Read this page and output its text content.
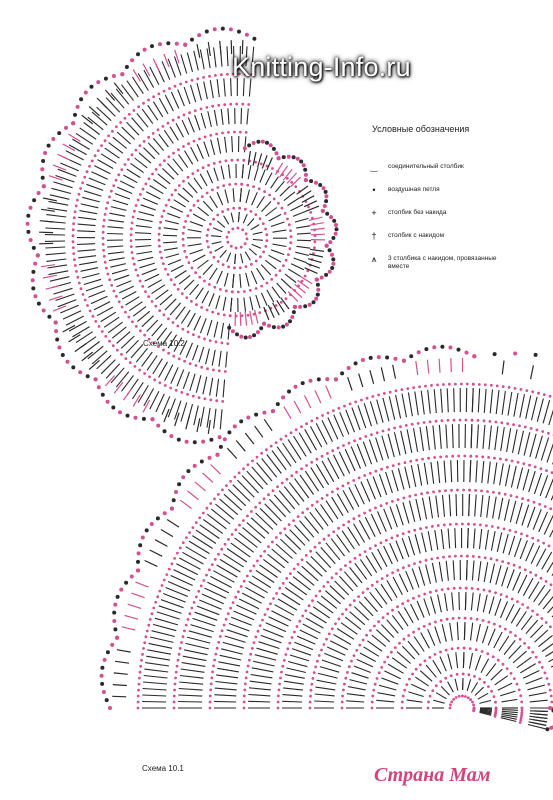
Knitting-Info.ru
Условные обозначения
‿	соединительный столбик
•	воздушная петля
+	столбик без накида
†	столбик с накидом
⩚	3 столбика с накидом, провязанные вместе
Схема 10.2
Схема 10.1	Страна Мам
